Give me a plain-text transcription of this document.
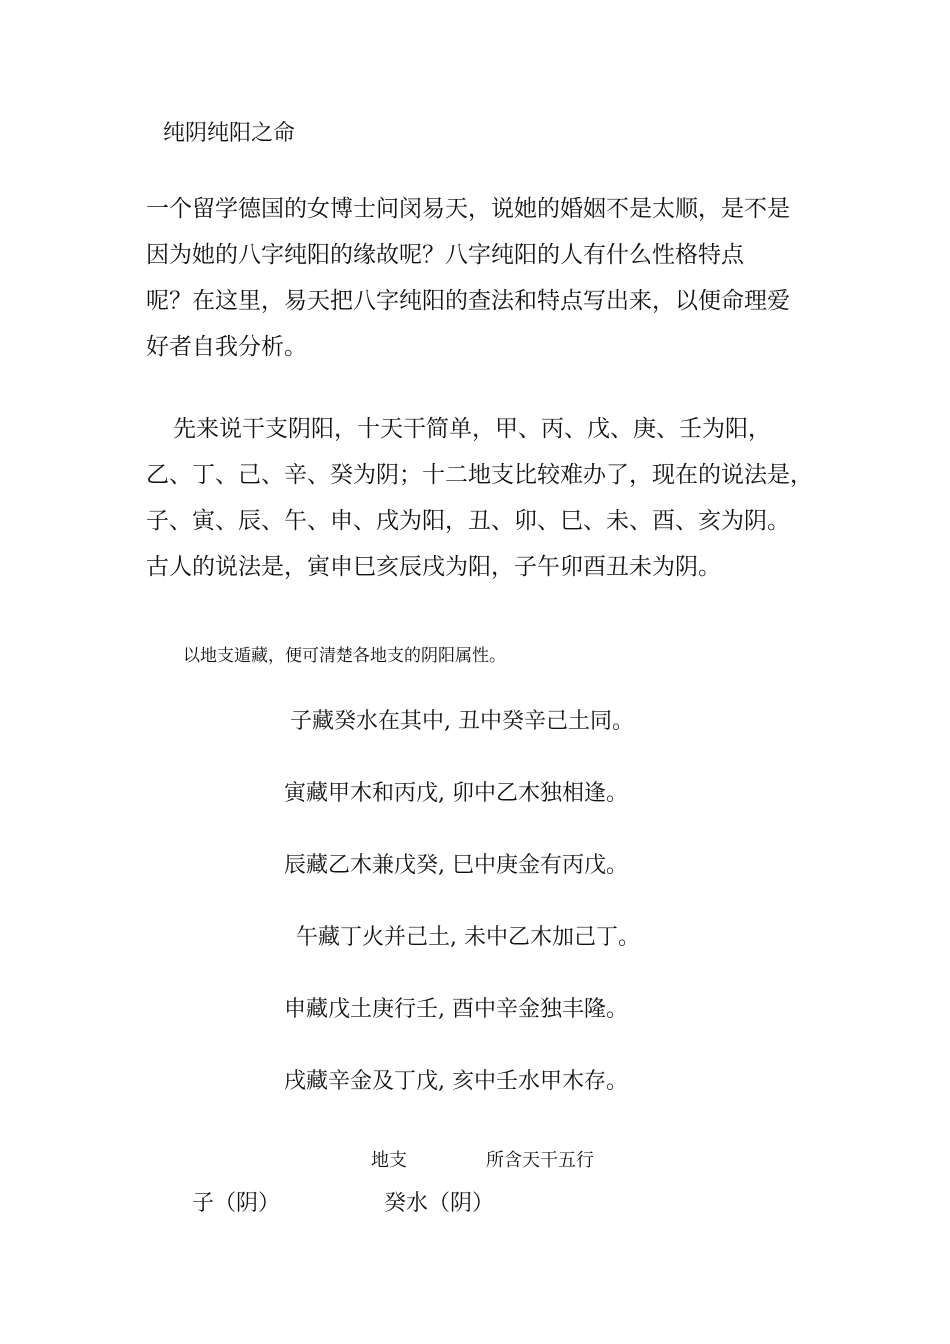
纯阴纯阳之命
一个留学德国的女博士问闵易天，说她的婚姻不是太顺，是不是
因为她的八字纯阳的缘故呢？八字纯阳的人有什么性格特点
呢？在这里，易天把八字纯阳的查法和特点写出来，以便命理爱
好者自我分析。
先来说干支阴阳，十天干简单，甲、丙、戊、庚、壬为阳，
乙、丁、己、辛、癸为阴；十二地支比较难办了，现在的说法是，
子、寅、辰、午、申、戌为阳，丑、卯、巳、未、酉、亥为阴。
古人的说法是，寅申巳亥辰戌为阳，子午卯酉丑未为阴。
以地支遁藏，便可清楚各地支的阴阳属性。
子藏癸水在其中, 丑中癸辛己土同。
寅藏甲木和丙戊, 卯中乙木独相逢。
辰藏乙木兼戊癸, 巳中庚金有丙戊。
午藏丁火并己土, 未中乙木加己丁。
申藏戊土庚行壬, 酉中辛金独丰隆。
戌藏辛金及丁戊, 亥中壬水甲木存。
地支	所含天干五行
子（阴）	癸水（阴）
